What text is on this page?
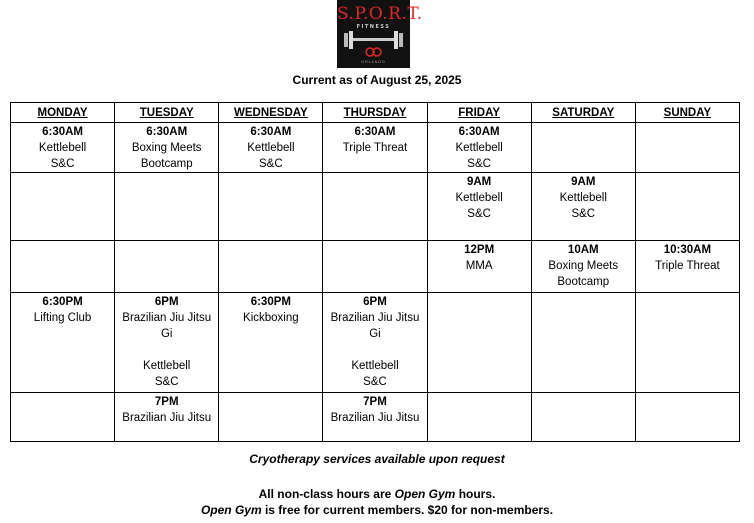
S.P.O.R.T.
FITNESS
ORLANDO
Current as of August 25, 2025
MONDAY	TUESDAY	WEDNESDAY	THURSDAY	FRIDAY	SATURDAY	SUNDAY

6:30AM
Kettlebell
S&C	6:30AM
Boxing Meets
Bootcamp	6:30AM
Kettlebell
S&C	6:30AM
Triple Threat	6:30AM
Kettlebell
S&C		

				9AM
Kettlebell
S&C	9AM
Kettlebell
S&C	

				12PM
MMA	10AM
Boxing Meets
Bootcamp	10:30AM
Triple Threat

6:30PM
Lifting Club	6PM
Brazilian Jiu Jitsu
Gi
Kettlebell
S&C	6:30PM
Kickboxing	6PM
Brazilian Jiu Jitsu
Gi
Kettlebell
S&C			

	7PM
Brazilian Jiu Jitsu		7PM
Brazilian Jiu Jitsu			

Cryotherapy services available upon request
All non-class hours are Open Gym hours.
Open Gym is free for current members. $20 for non-members.
